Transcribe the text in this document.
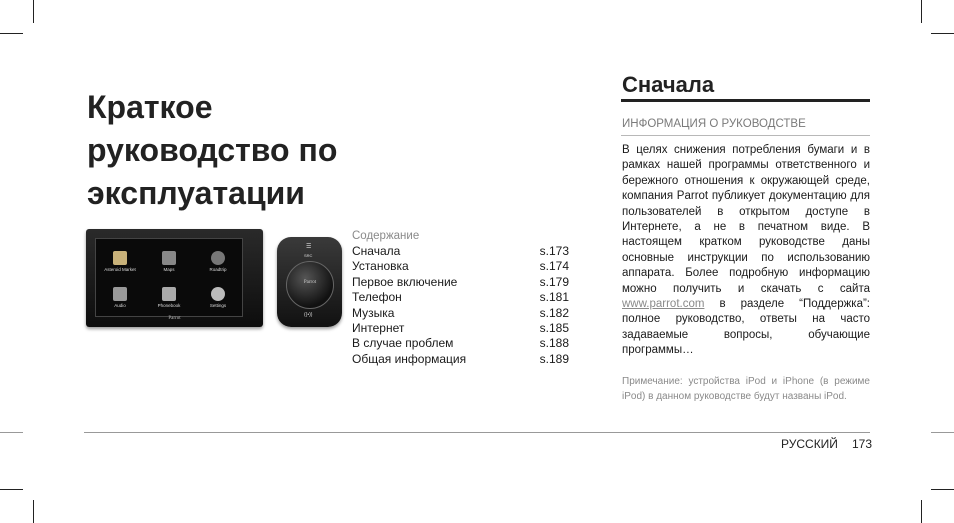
Краткое
руководство по
эксплуатации
Asteroid Market	Maps	Roadtrip
Audio	Phonebook	Settings
Parrot
☰
SRC
Parrot
((•))
Содержание
Сначала	s.173
Установка	s.174
Первое включение	s.179
Телефон	s.181
Музыка	s.182
Интернет	s.185
В случае проблем	s.188
Общая информация	s.189
Сначала
ИНФОРМАЦИЯ О РУКОВОДСТВЕ
В целях снижения потребления бумаги и в рамках нашей программы ответственного и бережного отношения к окружающей среде, компания Parrot публикует документацию для пользователей в открытом доступе в Интернете, а не в печатном виде. В настоящем кратком руководстве даны основные инструкции по использованию аппарата. Более подробную информацию можно получить и скачать с сайта www.parrot.com в разделе “Поддержка”: полное руководство, ответы на часто задаваемые вопросы, обучающие программы…
Примечание: устройства iPod и iPhone (в режиме iPod) в данном руководстве будут названы iPod.
РУССКИЙ 173
